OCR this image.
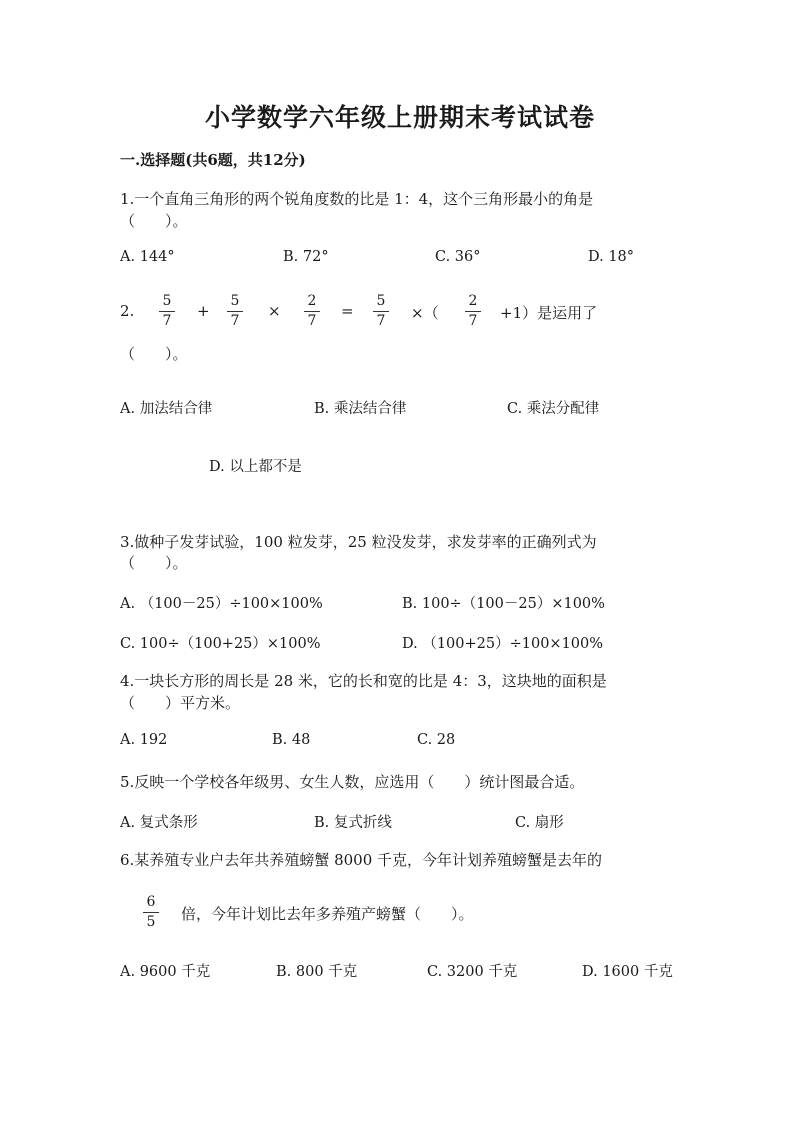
小学数学六年级上册期末考试试卷
一.选择题(共6题，共12分)
1.一个直角三角形的两个锐角度数的比是 1：4，这个三角形最小的角是
（　　）。
A. 144°	B. 72°	C. 36°	D. 18°
2.
5
7
+
5
7
×
2
7
=
5
7	×（
2
7	+1）是运用了
（　　）。
A. 加法结合律	B. 乘法结合律	C. 乘法分配律
D. 以上都不是
3.做种子发芽试验，100 粒发芽，25 粒没发芽，求发芽率的正确列式为
（　　）。
A. （100－25）÷100×100%	B. 100÷（100－25）×100%
C. 100÷（100+25）×100%	D. （100+25）÷100×100%
4.一块长方形的周长是 28 米，它的长和宽的比是 4：3，这块地的面积是
（　　）平方米。
A. 192	B. 48	C. 28
5.反映一个学校各年级男、女生人数，应选用（　　）统计图最合适。
A. 复式条形	B. 复式折线	C. 扇形
6.某养殖专业户去年共养殖螃蟹 8000 千克，今年计划养殖螃蟹是去年的
6
5	倍，今年计划比去年多养殖产螃蟹（　　）。
A. 9600 千克	B. 800 千克	C. 3200 千克	D. 1600 千克
